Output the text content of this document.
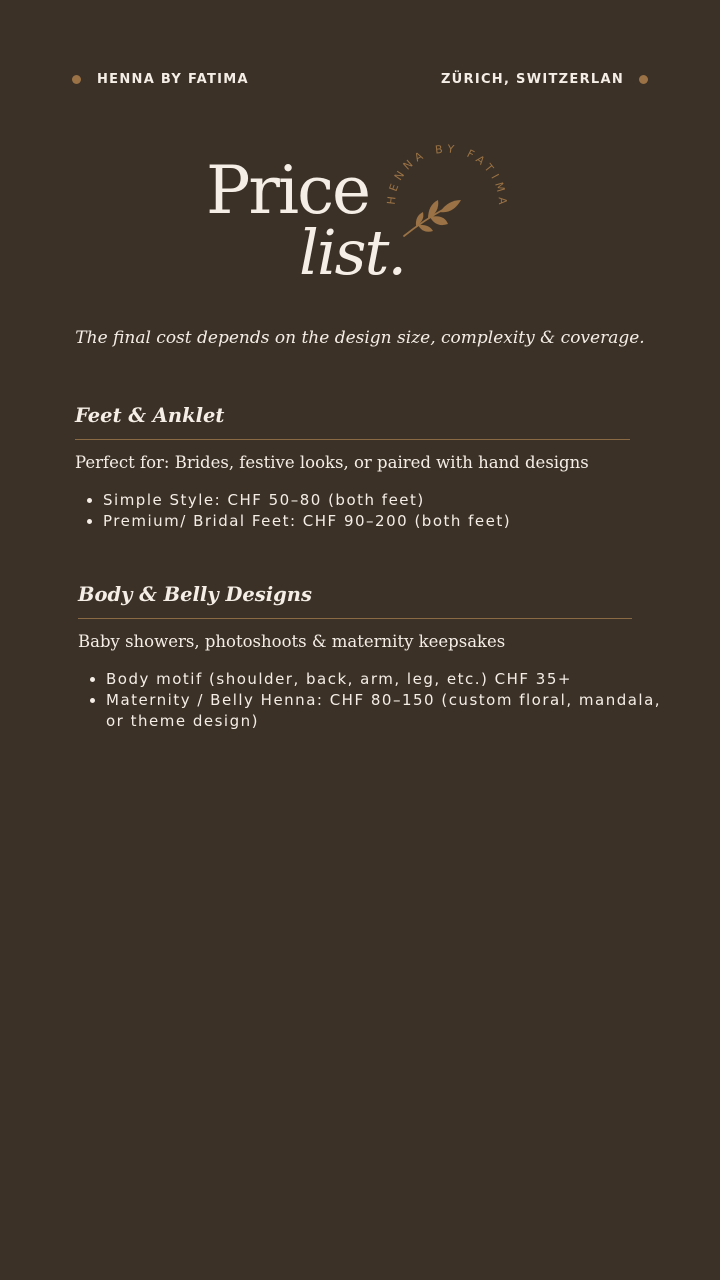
HENNA BY FATIMA	ZÜRICH, SWITZERLAN
Price
list.
HENNA BY FATIMA
The final cost depends on the design size, complexity & coverage.
Feet & Anklet
Perfect for: Brides, festive looks, or paired with hand designs
• Simple Style: CHF 50–80 (both feet)
• Premium/ Bridal Feet: CHF 90–200 (both feet)
Body & Belly Designs
Baby showers, photoshoots & maternity keepsakes
• Body motif (shoulder, back, arm, leg, etc.) CHF 35+
• Maternity / Belly Henna: CHF 80–150 (custom floral, mandala, or theme design)
